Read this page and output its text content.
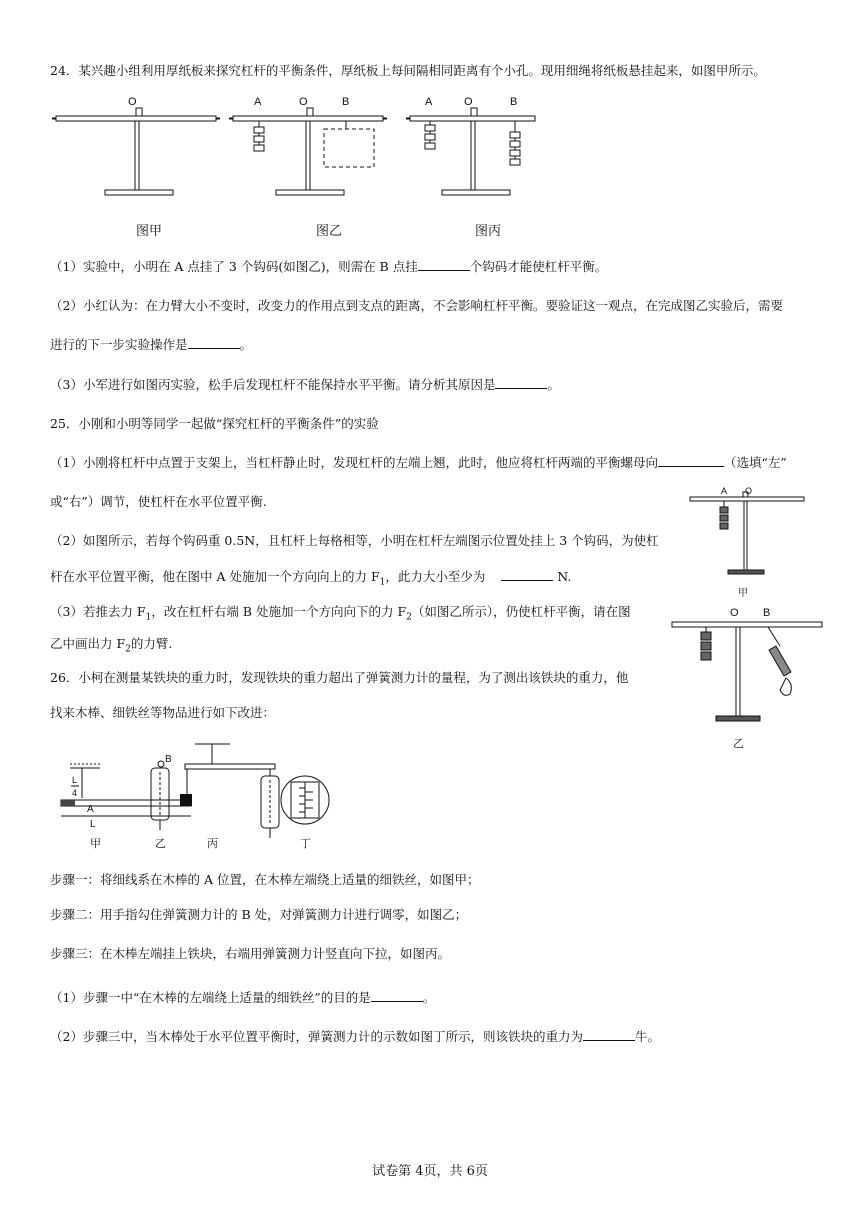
24．某兴趣小组利用厚纸板来探究杠杆的平衡条件，厚纸板上每间隔相同距离有个小孔。现用细绳将纸板悬挂起来，如图甲所示。
O	A	O	B	A	O	B
图甲	图乙	图丙
（1）实验中，小明在 A 点挂了 3 个钩码(如图乙)，则需在 B 点挂	个钩码才能使杠杆平衡。
（2）小红认为：在力臂大小不变时，改变力的作用点到支点的距离，不会影响杠杆平衡。要验证这一观点，在完成图乙实验后，需要
进行的下一步实验操作是	。
（3）小军进行如图丙实验，松手后发现杠杆不能保持水平平衡。请分析其原因是	。
25．小刚和小明等同学一起做“探究杠杆的平衡条件”的实验
（1）小刚将杠杆中点置于支架上，当杠杆静止时，发现杠杆的左端上翘，此时，他应将杠杆两端的平衡螺母向	（选填“左”
或“右”）调节，使杠杆在水平位置平衡.
（2）如图所示，若每个钩码重 0.5N，且杠杆上每格相等，小明在杠杆左端图示位置处挂上 3 个钩码，为使杠
杆在水平位置平衡，他在图中 A 处施加一个方向向上的力 $F_1$，此力大小至少为	N.
（3）若推去力 $F_1$，改在杠杆右端 B 处施加一个方向向下的力 $F_2$（如图乙所示），仍使杠杆平衡，请在图
乙中画出力 $F_2$的力臂.
A O
甲
O B
乙
26．小柯在测量某铁块的重力时，发现铁块的重力超出了弹簧测力计的量程，为了测出该铁块的重力，他
找来木棒、细铁丝等物品进行如下改进：
L
4
A
L
B
甲	乙	丙	丁
步骤一：将细线系在木棒的 A 位置，在木棒左端绕上适量的细铁丝，如图甲；
步骤二：用手指勾住弹簧测力计的 B 处，对弹簧测力计进行调零，如图乙；
步骤三：在木棒左端挂上铁块，右端用弹簧测力计竖直向下拉，如图丙。
（1）步骤一中“在木棒的左端绕上适量的细铁丝”的目的是	。
（2）步骤三中，当木棒处于水平位置平衡时，弹簧测力计的示数如图丁所示，则该铁块的重力为	牛。
试卷第 4页，共 6页
